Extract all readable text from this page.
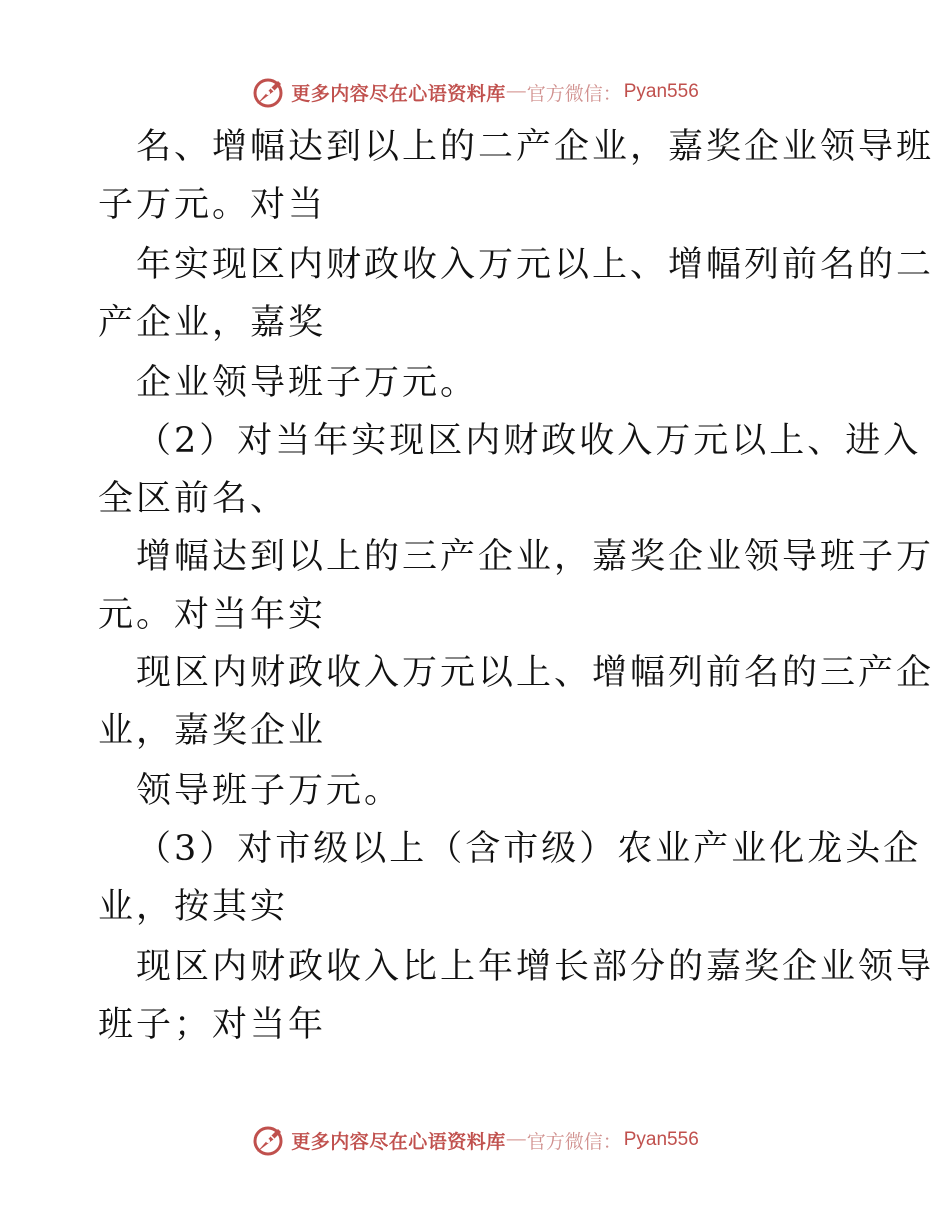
更多内容尽在心语资料库 — 官方微信： Pyan556
名、增幅达到以上的二产企业，嘉奖企业领导班
子万元。对当
年实现区内财政收入万元以上、增幅列前名的二
产企业，嘉奖
企业领导班子万元。
（2）对当年实现区内财政收入万元以上、进入
全区前名、
增幅达到以上的三产企业，嘉奖企业领导班子万
元。对当年实
现区内财政收入万元以上、增幅列前名的三产企
业，嘉奖企业
领导班子万元。
（3）对市级以上（含市级）农业产业化龙头企
业，按其实
现区内财政收入比上年增长部分的嘉奖企业领导
班子；对当年
更多内容尽在心语资料库 — 官方微信： Pyan556
